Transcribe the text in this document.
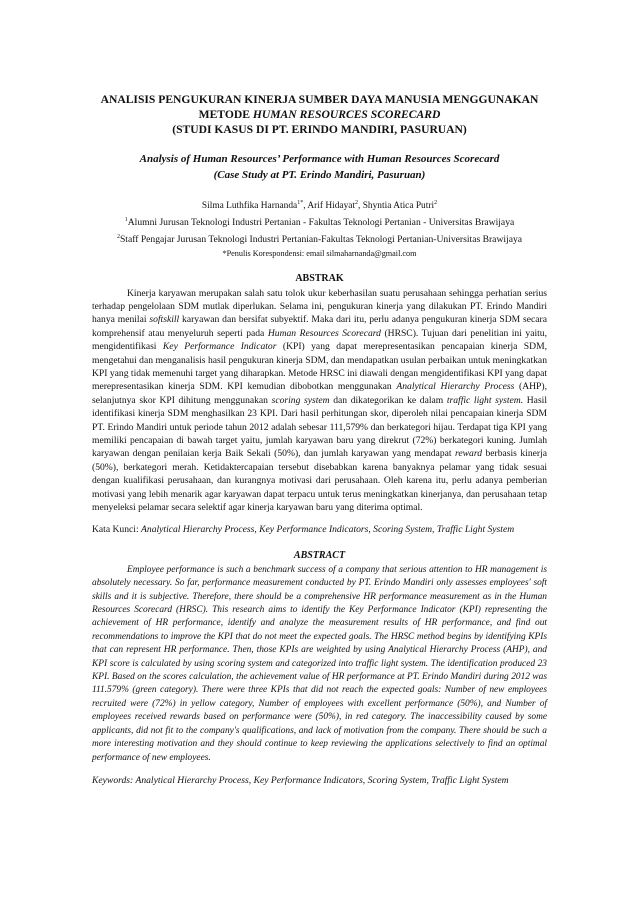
ANALISIS PENGUKURAN KINERJA SUMBER DAYA MANUSIA MENGGUNAKAN
METODE HUMAN RESOURCES SCORECARD
(STUDI KASUS DI PT. ERINDO MANDIRI, PASURUAN)
Analysis of Human Resources’ Performance with Human Resources Scorecard
(Case Study at PT. Erindo Mandiri, Pasuruan)
Silma Luthfika Harnanda$^{1*}$, Arif Hidayat$^2$, Shyntia Atica Putri$^2$
$^1$Alumni Jurusan Teknologi Industri Pertanian - Fakultas Teknologi Pertanian - Universitas Brawijaya
$^2$Staff Pengajar Jurusan Teknologi Industri Pertanian-Fakultas Teknologi Pertanian-Universitas Brawijaya
*Penulis Korespondensi: email silmaharnanda@gmail.com
ABSTRAK

Kinerja karyawan merupakan salah satu tolok ukur keberhasilan suatu perusahaan sehingga perhatian serius terhadap pengelolaan SDM mutlak diperlukan. Selama ini, pengukuran kinerja yang dilakukan PT. Erindo Mandiri hanya menilai softskill karyawan dan bersifat subyektif. Maka dari itu, perlu adanya pengukuran kinerja SDM secara komprehensif atau menyeluruh seperti pada Human Resources Scorecard (HRSC). Tujuan dari penelitian ini yaitu, mengidentifikasi Key Performance Indicator (KPI) yang dapat merepresentasikan pencapaian kinerja SDM, mengetahui dan menganalisis hasil pengukuran kinerja SDM, dan mendapatkan usulan perbaikan untuk meningkatkan KPI yang tidak memenuhi target yang diharapkan. Metode HRSC ini diawali dengan mengidentifikasi KPI yang dapat merepresentasikan kinerja SDM. KPI kemudian dibobotkan menggunakan Analytical Hierarchy Process (AHP), selanjutnya skor KPI dihitung menggunakan scoring system dan dikategorikan ke dalam traffic light system. Hasil identifikasi kinerja SDM menghasilkan 23 KPI. Dari hasil perhitungan skor, diperoleh nilai pencapaian kinerja SDM PT. Erindo Mandiri untuk periode tahun 2012 adalah sebesar 111,579% dan berkategori hijau. Terdapat tiga KPI yang memiliki pencapaian di bawah target yaitu, jumlah karyawan baru yang direkrut (72%) berkategori kuning. Jumlah karyawan dengan penilaian kerja Baik Sekali (50%), dan jumlah karyawan yang mendapat reward berbasis kinerja (50%), berkategori merah. Ketidaktercapaian tersebut disebabkan karena banyaknya pelamar yang tidak sesuai dengan kualifikasi perusahaan, dan kurangnya motivasi dari perusahaan. Oleh karena itu, perlu adanya pemberian motivasi yang lebih menarik agar karyawan dapat terpacu untuk terus meningkatkan kinerjanya, dan perusahaan tetap menyeleksi pelamar secara selektif agar kinerja karyawan baru yang diterima optimal.

Kata Kunci: Analytical Hierarchy Process, Key Performance Indicators, Scoring System, Traffic Light System
ABSTRACT

Employee performance is such a benchmark success of a company that serious attention to HR management is absolutely necessary. So far, performance measurement conducted by PT. Erindo Mandiri only assesses employees' soft skills and it is subjective. Therefore, there should be a comprehensive HR performance measurement as in the Human Resources Scorecard (HRSC). This research aims to identify the Key Performance Indicator (KPI) representing the achievement of HR performance, identify and analyze the measurement results of HR performance, and find out recommendations to improve the KPI that do not meet the expected goals. The HRSC method begins by identifying KPIs that can represent HR performance. Then, those KPIs are weighted by using Analytical Hierarchy Process (AHP), and KPI score is calculated by using scoring system and categorized into traffic light system. The identification produced 23 KPI. Based on the scores calculation, the achievement value of HR performance at PT. Erindo Mandiri during 2012 was 111.579% (green category). There were three KPIs that did not reach the expected goals: Number of new employees recruited were (72%) in yellow category, Number of employees with excellent performance (50%), and Number of employees received rewards based on performance were (50%), in red category. The inaccessibility caused by some applicants, did not fit to the company's qualifications, and lack of motivation from the company. There should be such a more interesting motivation and they should continue to keep reviewing the applications selectively to find an optimal performance of new employees.

Keywords: Analytical Hierarchy Process, Key Performance Indicators, Scoring System, Traffic Light System
